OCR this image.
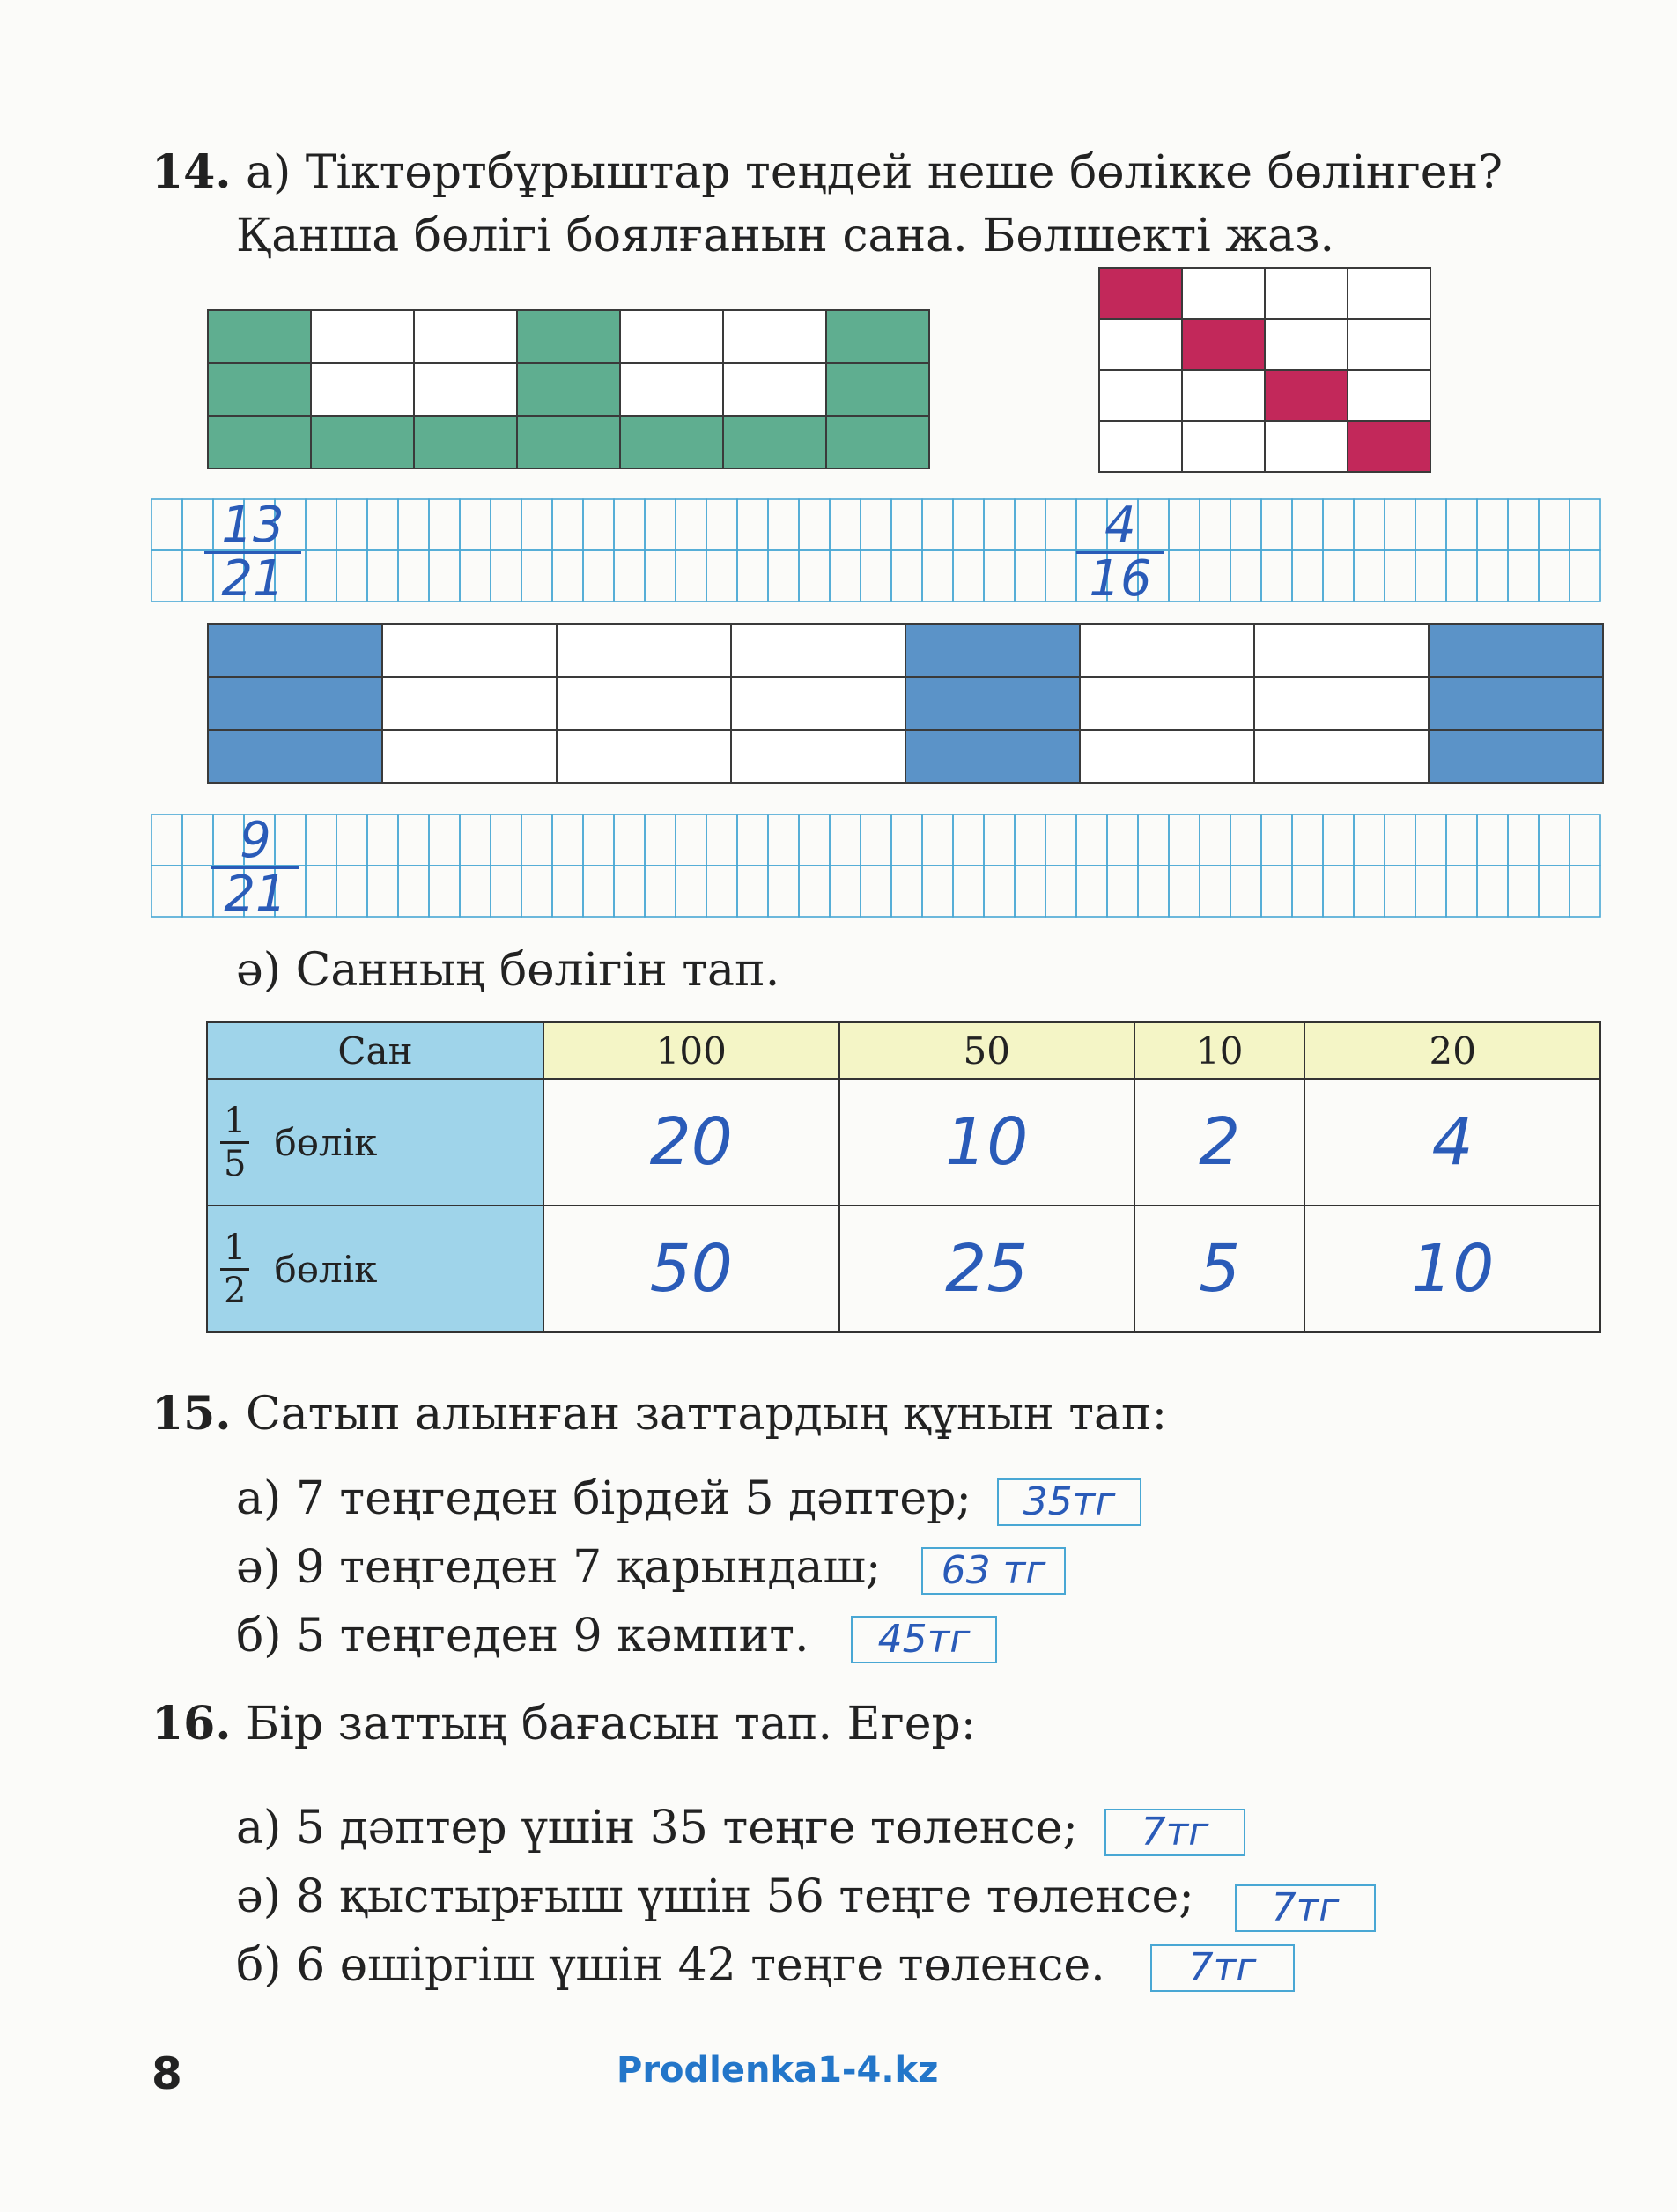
14. а) Тіктөртбұрыштар теңдей неше бөлікке бөлінген?
Қанша бөлігі боялғанын сана. Бөлшекті жаз.
$\frac{13}{21}$	$\frac{4}{16}$
$\frac{9}{21}$
ә) Санның бөлігін тап.
Сан	100	50	10	20

$\frac{1}{5}$ бөлік	20	10	2	4

$\frac{1}{2}$ бөлік	50	25	5	10
15. Сатып алынған заттардың құнын тап:
а) 7 теңгеден бірдей 5 дәптер;	35тг
ә) 9 теңгеден 7 қарындаш;	63 тг
б) 5 теңгеден 9 кәмпит.	45тг
16. Бір заттың бағасын тап. Егер:
а) 5 дәптер үшін 35 теңге төленсе;	7тг
ә) 8 қыстырғыш үшін 56 теңге төленсе;	7тг
б) 6 өшіргіш үшін 42 теңге төленсе.	7тг
8	Prodlenka1-4.kz
